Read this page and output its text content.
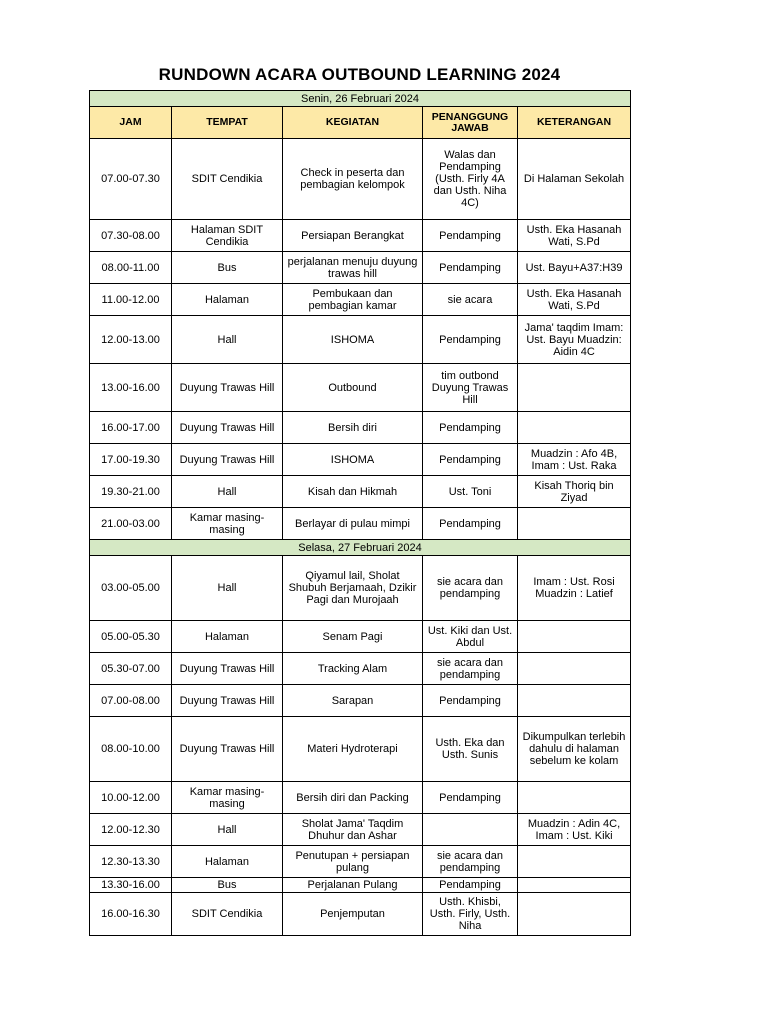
RUNDOWN ACARA OUTBOUND LEARNING 2024
Senin, 26 Februari 2024				
JAM	TEMPAT	KEGIATAN	PENANGGUNG JAWAB	KETERANGAN
07.00-07.30	SDIT Cendikia	Check in peserta dan pembagian kelompok	Walas dan Pendamping (Usth. Firly 4A dan Usth. Niha 4C)	Di Halaman Sekolah
07.30-08.00	Halaman SDIT Cendikia	Persiapan Berangkat	Pendamping	Usth. Eka Hasanah Wati, S.Pd
08.00-11.00	Bus	perjalanan menuju duyung trawas hill	Pendamping	Ust. Bayu+A37:H39
11.00-12.00	Halaman	Pembukaan dan pembagian kamar	sie acara	Usth. Eka Hasanah Wati, S.Pd
12.00-13.00	Hall	ISHOMA	Pendamping	Jama' taqdim Imam: Ust. Bayu Muadzin: Aidin 4C
13.00-16.00	Duyung Trawas Hill	Outbound	tim outbond Duyung Trawas Hill	
16.00-17.00	Duyung Trawas Hill	Bersih diri	Pendamping	
17.00-19.30	Duyung Trawas Hill	ISHOMA	Pendamping	Muadzin : Afo 4B, Imam : Ust. Raka
19.30-21.00	Hall	Kisah dan Hikmah	Ust. Toni	Kisah Thoriq bin Ziyad
21.00-03.00	Kamar masing-masing	Berlayar di pulau mimpi	Pendamping	
Selasa, 27 Februari 2024				
03.00-05.00	Hall	Qiyamul lail, Sholat Shubuh Berjamaah, Dzikir Pagi dan Murojaah	sie acara dan pendamping	Imam : Ust. Rosi Muadzin : Latief
05.00-05.30	Halaman	Senam Pagi	Ust. Kiki dan Ust. Abdul	
05.30-07.00	Duyung Trawas Hill	Tracking Alam	sie acara dan pendamping	
07.00-08.00	Duyung Trawas Hill	Sarapan	Pendamping	
08.00-10.00	Duyung Trawas Hill	Materi Hydroterapi	Usth. Eka dan Usth. Sunis	Dikumpulkan terlebih dahulu di halaman sebelum ke kolam
10.00-12.00	Kamar masing-masing	Bersih diri dan Packing	Pendamping	
12.00-12.30	Hall	Sholat Jama' Taqdim Dhuhur dan Ashar		Muadzin : Adin 4C, Imam : Ust. Kiki
12.30-13.30	Halaman	Penutupan + persiapan pulang	sie acara dan pendamping	
13.30-16.00	Bus	Perjalanan Pulang	Pendamping	
16.00-16.30	SDIT Cendikia	Penjemputan	Usth. Khisbi, Usth. Firly, Usth. Niha	
